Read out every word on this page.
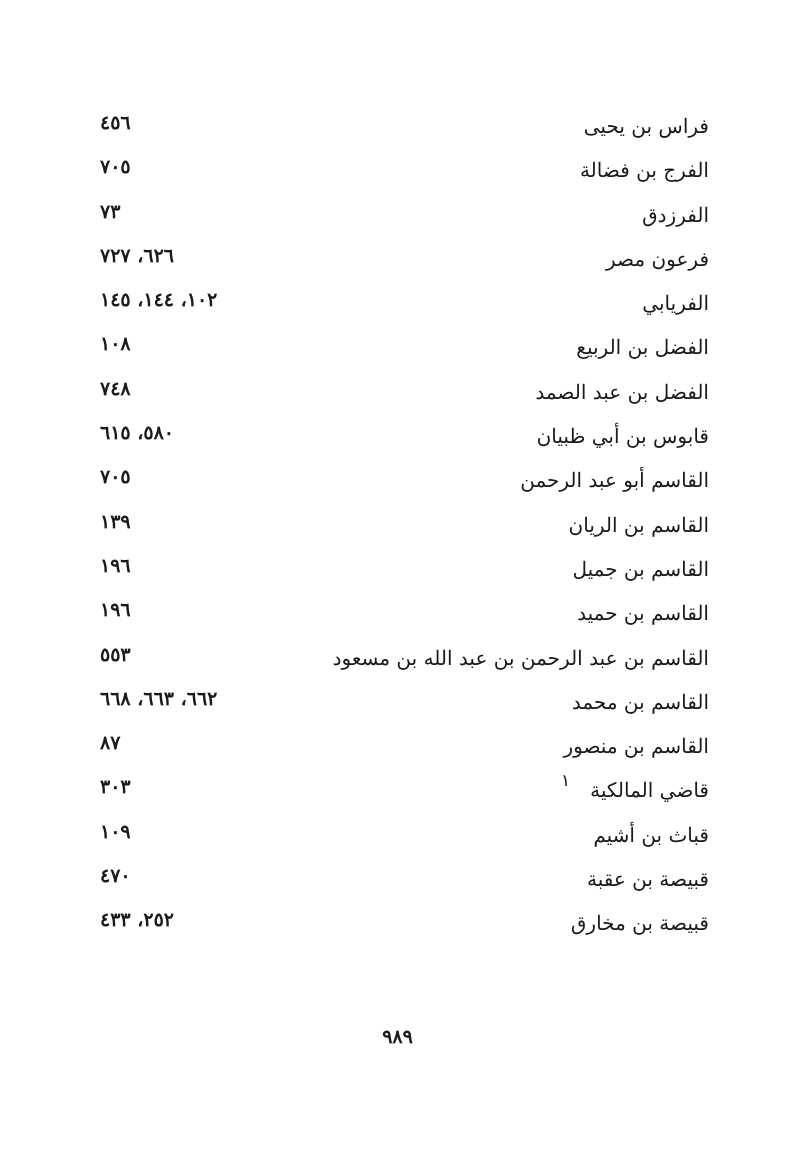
فراس بن يحيى
٤٥٦
الفرج بن فضالة
٧٠٥
الفرزدق
٧٣
فرعون مصر
٦٢٦، ٧٢٧
الفريابي
١٠٢، ١٤٤، ١٤٥
الفضل بن الربيع
١٠٨
الفضل بن عبد الصمد
٧٤٨
قابوس بن أبي ظبيان
٥٨٠، ٦١٥
القاسم أبو عبد الرحمن
٧٠٥
القاسم بن الريان
١٣٩
القاسم بن جميل
١٩٦
القاسم بن حميد
١٩٦
القاسم بن عبد الرحمن بن عبد الله بن مسعود
٥٥٣
القاسم بن محمد
٦٦٢، ٦٦٣، ٦٦٨
القاسم بن منصور
٨٧
قاضي المالكية
٣٠٣
قباث بن أشيم
١٠٩
قبيصة بن عقبة
٤٧٠
قبيصة بن مخارق
٢٥٢، ٤٣٣
١
٩٨٩
